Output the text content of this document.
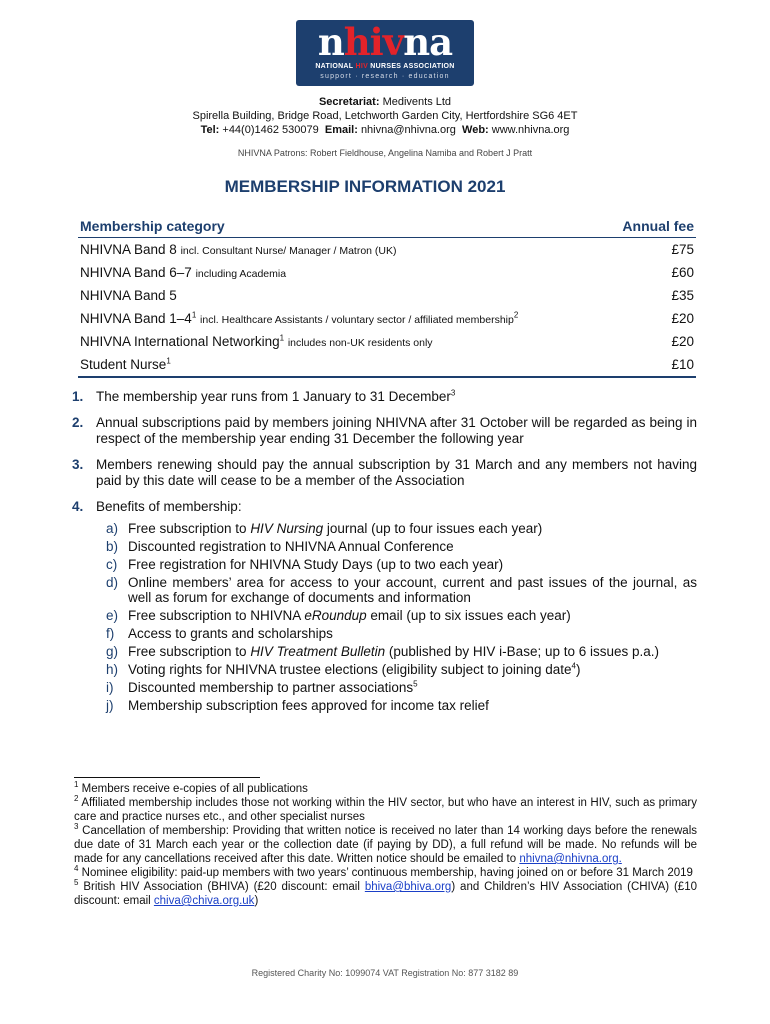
nhivna
NATIONAL HIV NURSES ASSOCIATION
support · research · education
Secretariat: Medivents Ltd
Spirella Building, Bridge Road, Letchworth Garden City, Hertfordshire SG6 4ET
Tel: +44(0)1462 530079 Email: nhivna@nhivna.org Web: www.nhivna.org
NHIVNA Patrons: Robert Fieldhouse, Angelina Namiba and Robert J Pratt
MEMBERSHIP INFORMATION 2021
Membership category	Annual fee
NHIVNA Band 8 incl. Consultant Nurse/ Manager / Matron (UK)	£75
NHIVNA Band 6–7 including Academia	£60
NHIVNA Band 5	£35
NHIVNA Band $1-4^1$ incl. Healthcare Assistants / voluntary sector / affiliated membership$^2$	£20
NHIVNA International Networking$^1$ includes non-UK residents only	£20
Student Nurse$^1$	£10
1. The membership year runs from 1 January to 31 December$^3$
2. Annual subscriptions paid by members joining NHIVNA after 31 October will be regarded as being in respect of the membership year ending 31 December the following year
3. Members renewing should pay the annual subscription by 31 March and any members not having paid by this date will cease to be a member of the Association
4. Benefits of membership:
a) Free subscription to HIV Nursing journal (up to four issues each year)
b) Discounted registration to NHIVNA Annual Conference
c) Free registration for NHIVNA Study Days (up to two each year)
d) Online members’ area for access to your account, current and past issues of the journal, as well as forum for exchange of documents and information
e) Free subscription to NHIVNA eRoundup email (up to six issues each year)
f) Access to grants and scholarships
g) Free subscription to HIV Treatment Bulletin (published by HIV i-Base; up to 6 issues p.a.)
h) Voting rights for NHIVNA trustee elections (eligibility subject to joining date$^4$)
i) Discounted membership to partner associations$^5$
j) Membership subscription fees approved for income tax relief
$^1$ Members receive e-copies of all publications
$^2$ Affiliated membership includes those not working within the HIV sector, but who have an interest in HIV, such as primary care and practice nurses etc., and other specialist nurses
$^3$ Cancellation of membership: Providing that written notice is received no later than 14 working days before the renewals due date of 31 March each year or the collection date (if paying by DD), a full refund will be made. No refunds will be made for any cancellations received after this date. Written notice should be emailed to nhivna@nhivna.org.
$^4$ Nominee eligibility: paid-up members with two years’ continuous membership, having joined on or before 31 March 2019
$^5$ British HIV Association (BHIVA) (£20 discount: email bhiva@bhiva.org) and Children’s HIV Association (CHIVA) (£10 discount: email chiva@chiva.org.uk)
Registered Charity No: 1099074 VAT Registration No: 877 3182 89
